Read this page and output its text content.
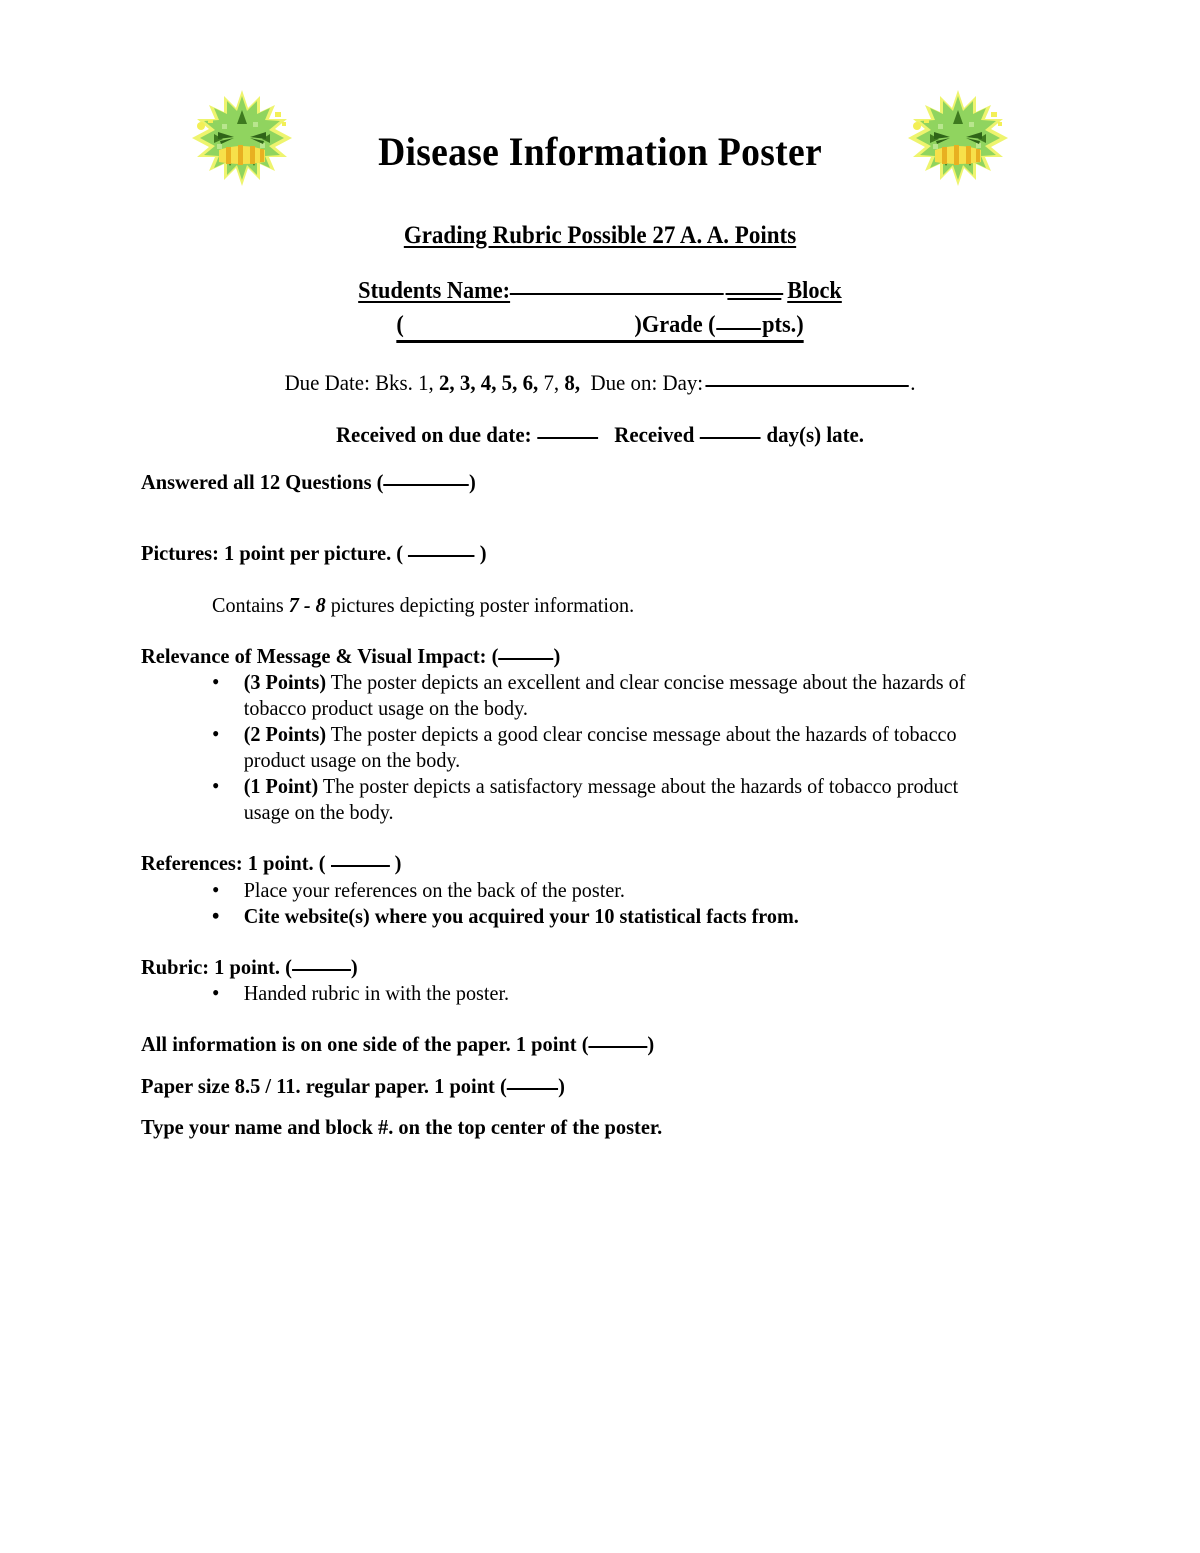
Disease Information Poster
Grading Rubric Possible 27 A. A. Points
Students Name:	Block
(	)Grade ( pts.)
Due Date: Bks. 1, 2, 3, 4, 5, 6, 7, 8, Due on: Day:	.
Received on due date:	Received	day(s) late.
Answered all 12 Questions (	)
Pictures: 1 point per picture. (	)
Contains 7 - 8 pictures depicting poster information.
Relevance of Message & Visual Impact: (	)
• (3 Points) The poster depicts an excellent and clear concise message about the hazards of tobacco product usage on the body.
• (2 Points) The poster depicts a good clear concise message about the hazards of tobacco product usage on the body.
• (1 Point) The poster depicts a satisfactory message about the hazards of tobacco product usage on the body.
References: 1 point. (	)
• Place your references on the back of the poster.
• Cite website(s) where you acquired your 10 statistical facts from.
Rubric: 1 point. (	)
• Handed rubric in with the poster.
All information is on one side of the paper. 1 point (	)
Paper size 8.5 / 11. regular paper. 1 point ( )
Type your name and block #. on the top center of the poster.
